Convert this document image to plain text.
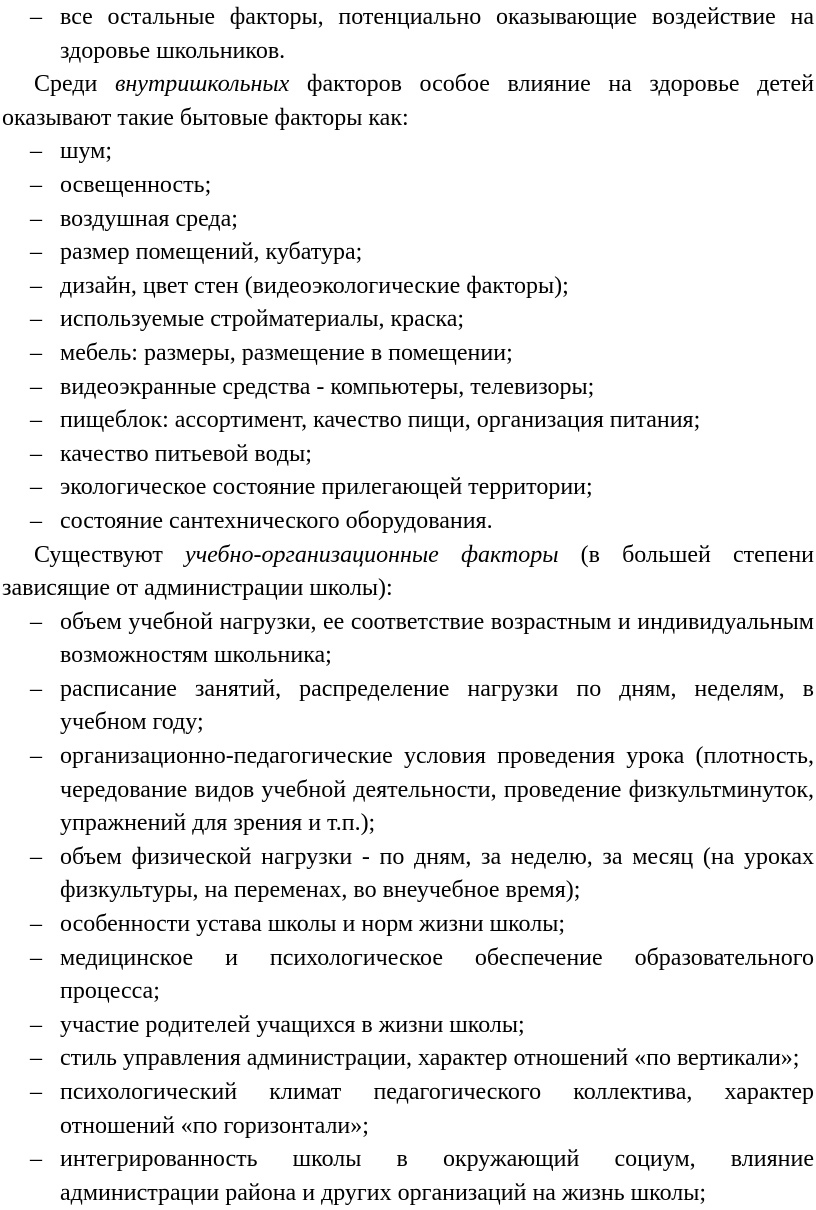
– все остальные факторы, потенциально оказывающие воздействие на здоровье школьников.

Среди внутришкольных факторов особое влияние на здоровье детей оказывают такие бытовые факторы как:

– шум;
– освещенность;
– воздушная среда;
– размер помещений, кубатура;
– дизайн, цвет стен (видеоэкологические факторы);
– используемые стройматериалы, краска;
– мебель: размеры, размещение в помещении;
– видеоэкранные средства - компьютеры, телевизоры;
– пищеблок: ассортимент, качество пищи, организация питания;
– качество питьевой воды;
– экологическое состояние прилегающей территории;
– состояние сантехнического оборудования.

Существуют учебно-организационные факторы (в большей степени зависящие от администрации школы):

– объем учебной нагрузки, ее соответствие возрастным и индивидуальным возможностям школьника;
– расписание занятий, распределение нагрузки по дням, неделям, в учебном году;
– организационно-педагогические условия проведения урока (плотность, чередование видов учебной деятельности, проведение физкультминуток, упражнений для зрения и т.п.);
– объем физической нагрузки - по дням, за неделю, за месяц (на уроках физкультуры, на переменах, во внеучебное время);
– особенности устава школы и норм жизни школы;
– медицинское и психологическое обеспечение образовательного процесса;
– участие родителей учащихся в жизни школы;
– стиль управления администрации, характер отношений «по вертикали»;
– психологический климат педагогического коллектива, характер отношений «по горизонтали»;
– интегрированность школы в окружающий социум, влияние администрации района и других организаций на жизнь школы;
